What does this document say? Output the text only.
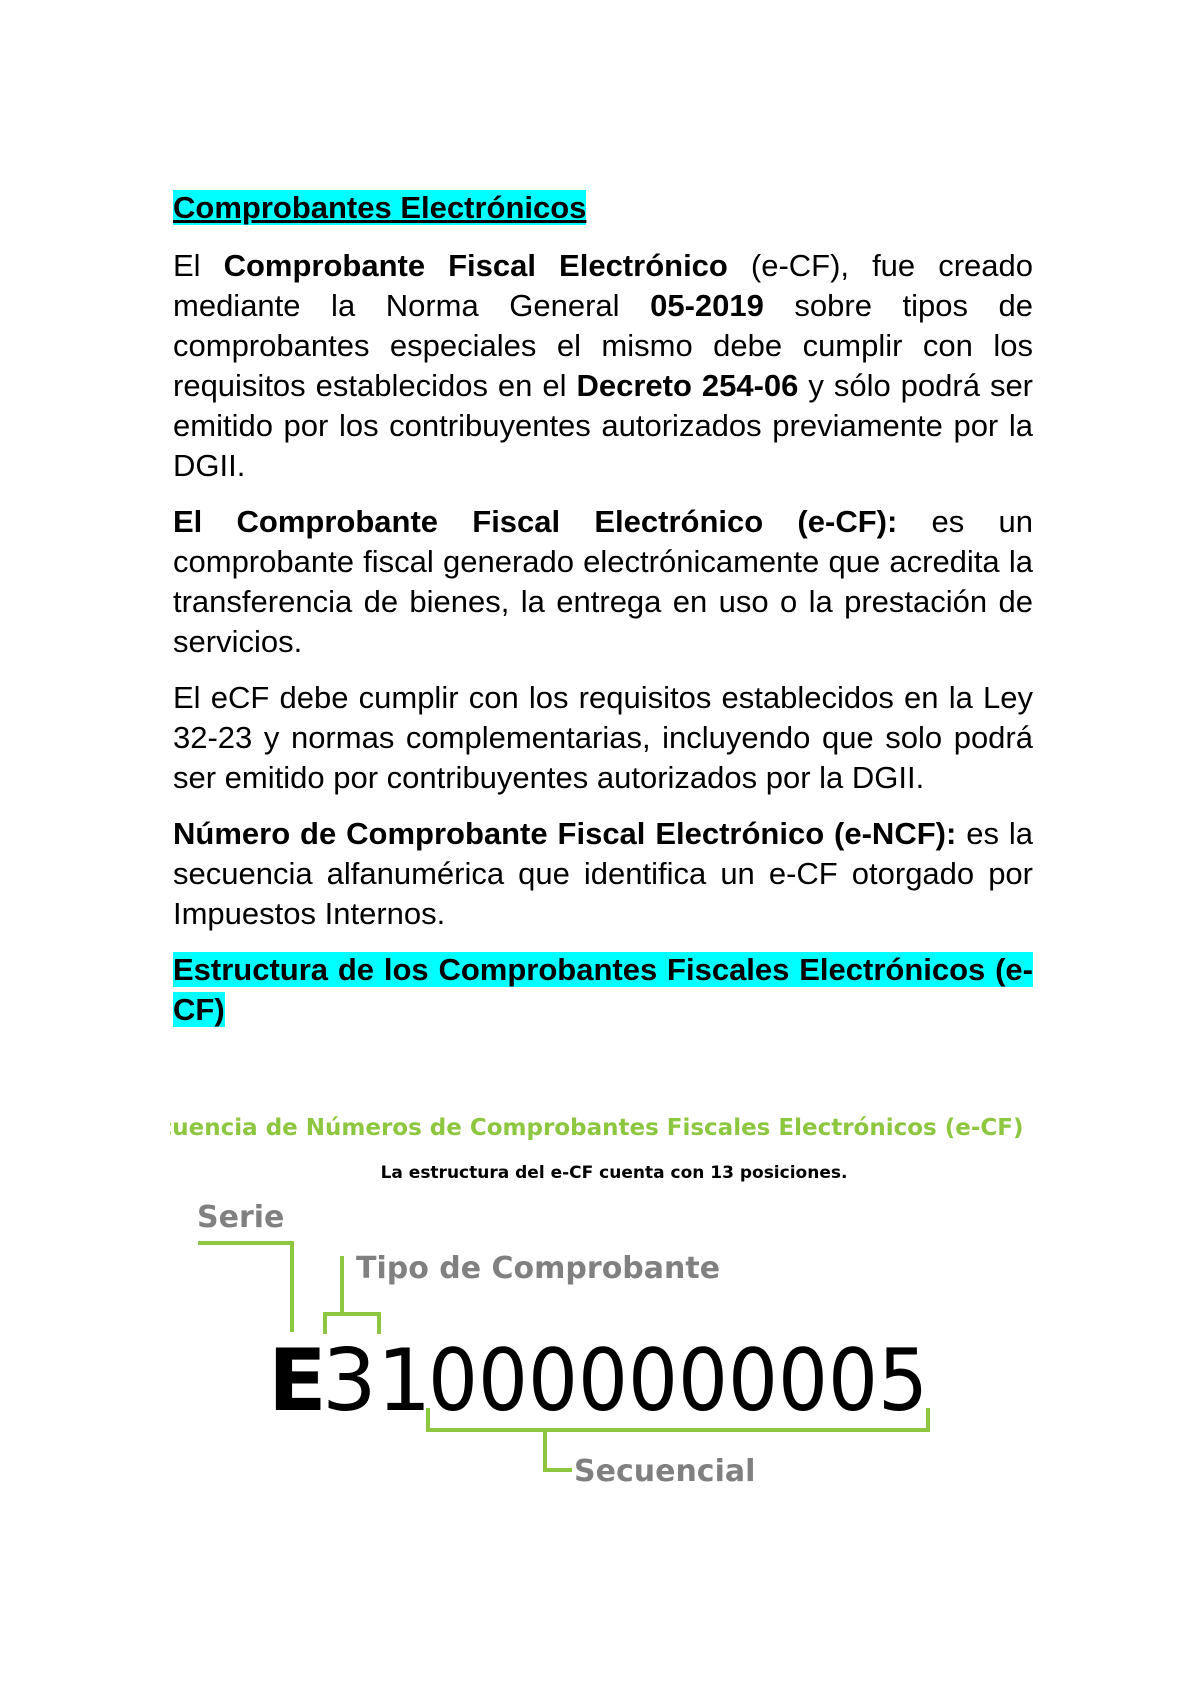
Comprobantes Electrónicos

El Comprobante Fiscal Electrónico (e-CF), fue creado mediante la Norma General 05-2019 sobre tipos de comprobantes especiales el mismo debe cumplir con los requisitos establecidos en el Decreto 254-06 y sólo podrá ser emitido por los contribuyentes autorizados previamente por la DGII.

El Comprobante Fiscal Electrónico (e-CF): es un comprobante fiscal generado electrónicamente que acredita la transferencia de bienes, la entrega en uso o la prestación de servicios.

El eCF debe cumplir con los requisitos establecidos en la Ley 32-23 y normas complementarias, incluyendo que solo podrá ser emitido por contribuyentes autorizados por la DGII.

Número de Comprobante Fiscal Electrónico (e-NCF): es la secuencia alfanumérica que identifica un e-CF otorgado por Impuestos Internos.

Estructura de los Comprobantes Fiscales Electrónicos (e-CF)

Secuencia de Números de Comprobantes Fiscales Electrónicos (e-CF)
La estructura del e-CF cuenta con 13 posiciones.
Serie
Tipo de Comprobante
E
31
0000000005
Secuencial
